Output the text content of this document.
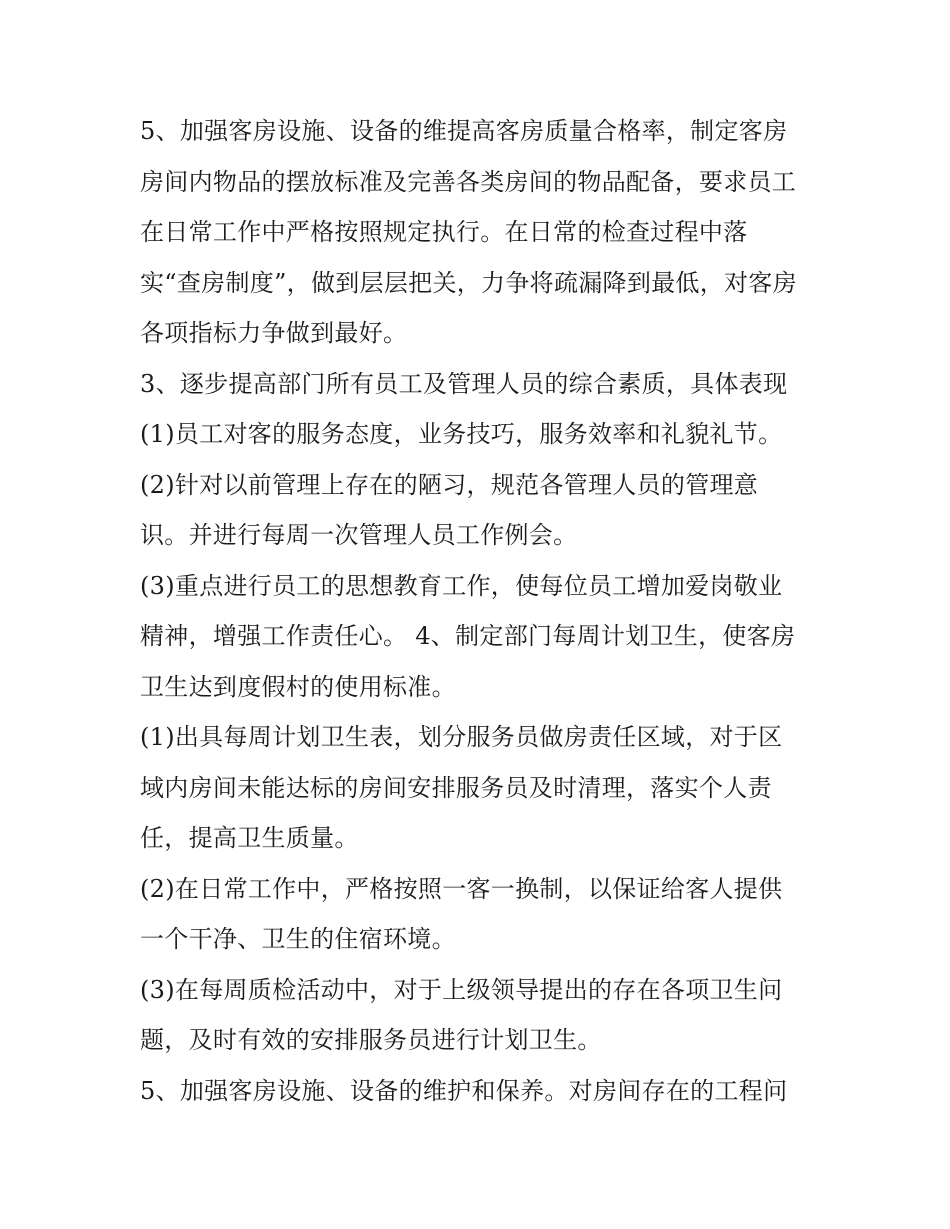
5、加强客房设施、设备的维提高客房质量合格率，制定客房
房间内物品的摆放标准及完善各类房间的物品配备，要求员工
在日常工作中严格按照规定执行。在日常的检查过程中落
实“查房制度”，做到层层把关，力争将疏漏降到最低，对客房
各项指标力争做到最好。
3、逐步提高部门所有员工及管理人员的综合素质，具体表现
(1)员工对客的服务态度，业务技巧，服务效率和礼貌礼节。
(2)针对以前管理上存在的陋习，规范各管理人员的管理意
识。并进行每周一次管理人员工作例会。
(3)重点进行员工的思想教育工作，使每位员工增加爱岗敬业
精神，增强工作责任心。 4、制定部门每周计划卫生，使客房
卫生达到度假村的使用标准。
(1)出具每周计划卫生表，划分服务员做房责任区域，对于区
域内房间未能达标的房间安排服务员及时清理，落实个人责
任，提高卫生质量。
(2)在日常工作中，严格按照一客一换制，以保证给客人提供
一个干净、卫生的住宿环境。
(3)在每周质检活动中，对于上级领导提出的存在各项卫生问
题，及时有效的安排服务员进行计划卫生。
5、加强客房设施、设备的维护和保养。对房间存在的工程问
